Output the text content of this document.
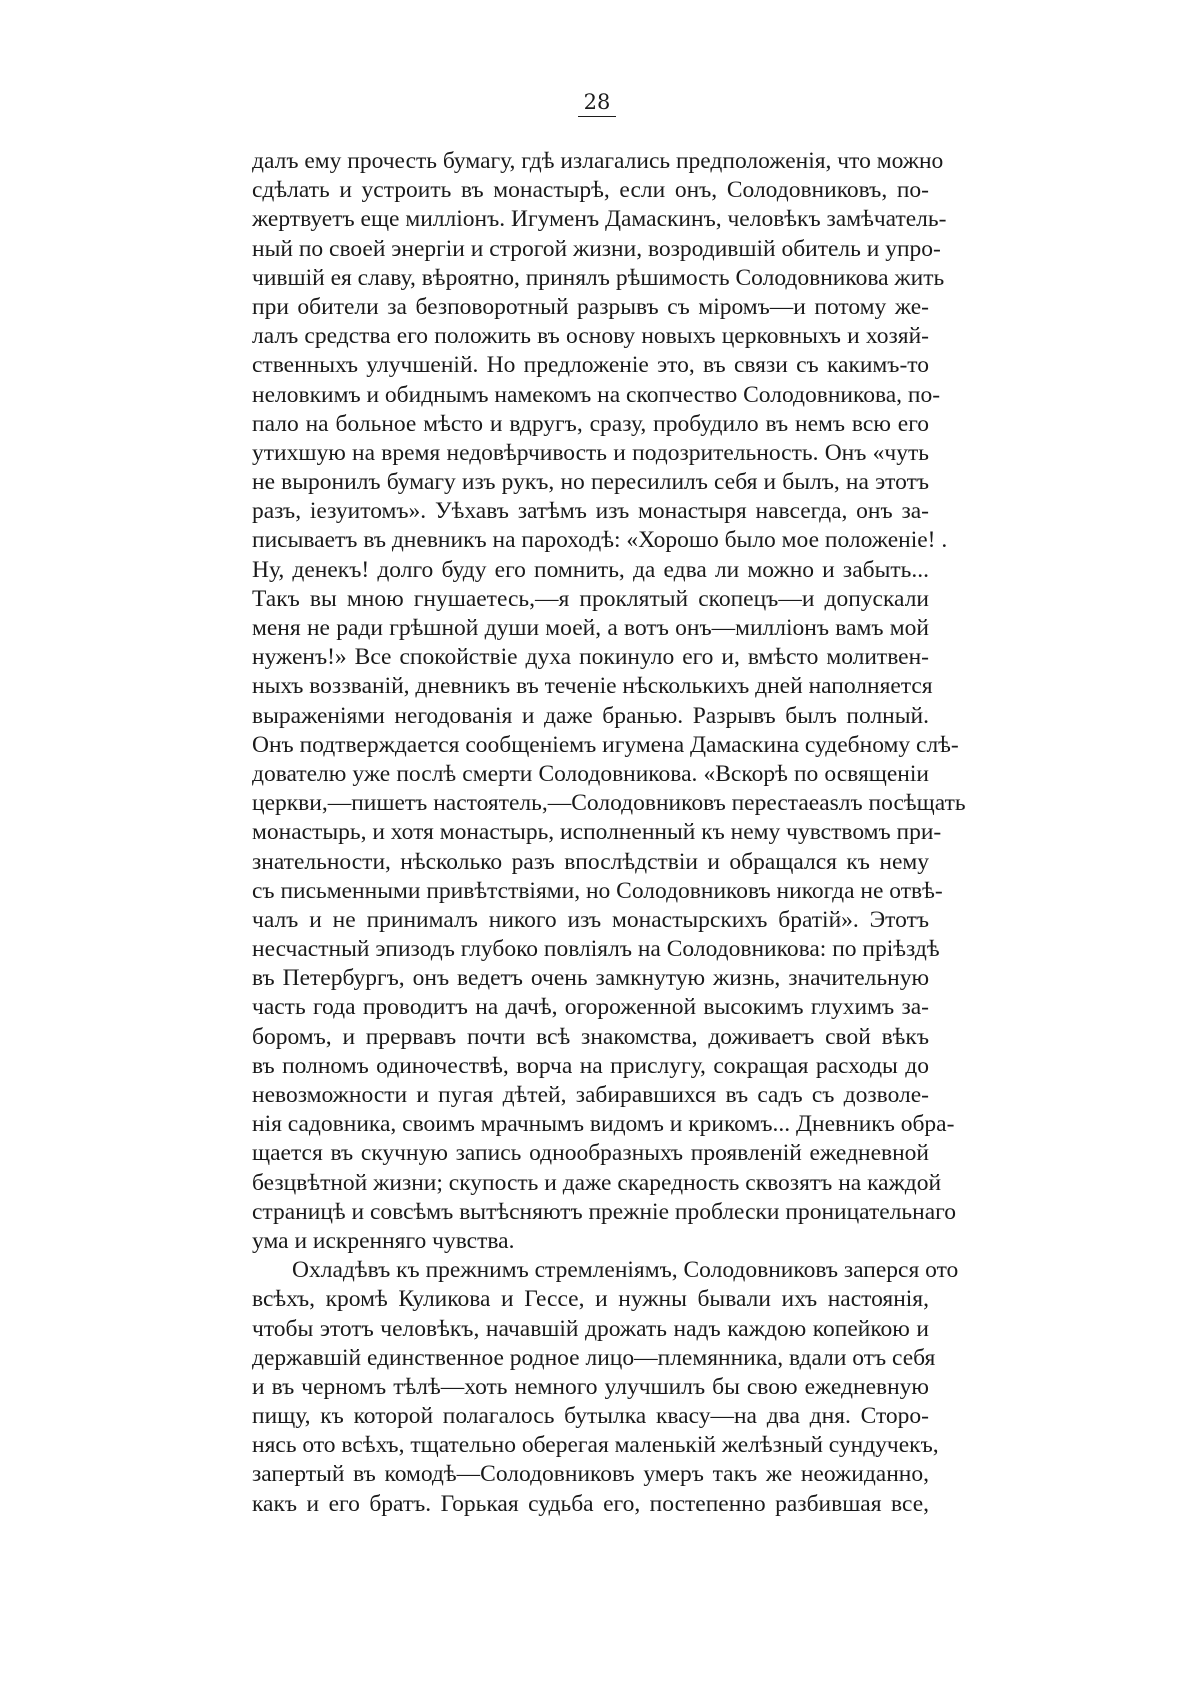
28
далъ ему прочесть бумагу, гдѣ излагались предположенія, что можно
сдѣлать и устроить въ монастырѣ, если онъ, Солодовниковъ, по-
жертвуетъ еще милліонъ. Игуменъ Дамаскинъ, человѣкъ замѣчатель-
ный по своей энергіи и строгой жизни, возродившій обитель и упро-
чившій ея славу, вѣроятно, принялъ рѣшимость Солодовникова жить
при обители за безповоротный разрывъ съ міромъ—и потому же-
лалъ средства его положить въ основу новыхъ церковныхъ и хозяй-
ственныхъ улучшеній. Но предложеніе это, въ связи съ какимъ-то
неловкимъ и обиднымъ намекомъ на скопчество Солодовникова, по-
пало на больное мѣсто и вдругъ, сразу, пробудило въ немъ всю его
утихшую на время недовѣрчивость и подозрительность. Онъ «чуть
не выронилъ бумагу изъ рукъ, но пересилилъ себя и былъ, на этотъ
разъ, іезуитомъ». Уѣхавъ затѣмъ изъ монастыря навсегда, онъ за-
писываетъ въ дневникъ на пароходѣ: «Хорошо было мое положеніе! .
Ну, денекъ! долго буду его помнить, да едва ли можно и забыть...
Такъ вы мною гнушаетесь,—я проклятый скопецъ—и допускали
меня не ради грѣшной души моей, а вотъ онъ—милліонъ вамъ мой
нуженъ!» Все спокойствіе духа покинуло его и, вмѣсто молитвен-
ныхъ воззваній, дневникъ въ теченіе нѣсколькихъ дней наполняется
выраженіями негодованія и даже бранью. Разрывъ былъ полный.
Онъ подтверждается сообщеніемъ игумена Дамаскина судебному слѣ-
дователю уже послѣ смерти Солодовникова. «Вскорѣ по освященіи
церкви,—пишетъ настоятель,—Солодовниковъ перестаeasлъ посѣщать
монастырь, и хотя монастырь, исполненный къ нему чувствомъ при-
знательности, нѣсколько разъ впослѣдствіи и обращался къ нему
съ письменными привѣтствіями, но Солодовниковъ никогда не отвѣ-
чалъ и не принималъ никого изъ монастырскихъ братій». Этотъ
несчастный эпизодъ глубоко повліялъ на Солодовникова: по пріѣздѣ
въ Петербургъ, онъ ведетъ очень замкнутую жизнь, значительную
часть года проводитъ на дачѣ, огороженной высокимъ глухимъ за-
боромъ, и прервавъ почти всѣ знакомства, доживаетъ свой вѣкъ
въ полномъ одиночествѣ, ворча на прислугу, сокращая расходы до
невозможности и пугая дѣтей, забиравшихся въ садъ съ дозволе-
нія садовника, своимъ мрачнымъ видомъ и крикомъ... Дневникъ обра-
щается въ скучную запись однообразныхъ проявленій ежедневной
безцвѣтной жизни; скупость и даже скаредность сквозятъ на каждой
страницѣ и совсѣмъ вытѣсняютъ прежніе проблески проницательнаго
ума и искренняго чувства.
Охладѣвъ къ прежнимъ стремленіямъ, Солодовниковъ заперся ото
всѣхъ, кромѣ Куликова и Гессе, и нужны бывали ихъ настоянія,
чтобы этотъ человѣкъ, начавшій дрожать надъ каждою копейкою и
державшій единственное родное лицо—племянника, вдали отъ себя
и въ черномъ тѣлѣ—хоть немного улучшилъ бы свою ежедневную
пищу, къ которой полагалось бутылка квасу—на два дня. Сторо-
нясь ото всѣхъ, тщательно оберегая маленькій желѣзный сундучекъ,
запертый въ комодѣ—Солодовниковъ умеръ такъ же неожиданно,
какъ и его братъ. Горькая судьба его, постепенно разбившая все,
